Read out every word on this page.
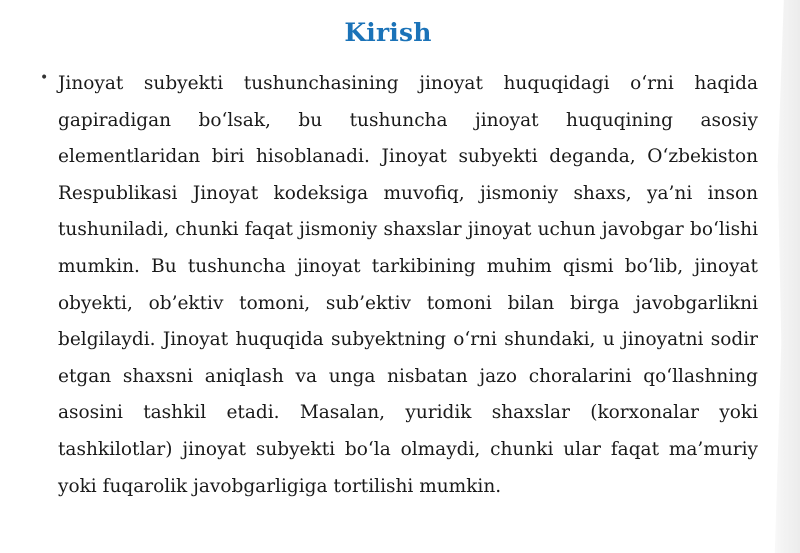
Kirish
• Jinoyat subyekti tushunchasining jinoyat huquqidagi o‘rni haqida gapiradigan bo‘lsak, bu tushuncha jinoyat huquqining asosiy elementlaridan biri hisoblanadi. Jinoyat subyekti deganda, O‘zbekiston Respublikasi Jinoyat kodeksiga muvofiq, jismoniy shaxs, ya’ni inson tushuniladi, chunki faqat jismoniy shaxslar jinoyat uchun javobgar bo‘lishi mumkin. Bu tushuncha jinoyat tarkibining muhim qismi bo‘lib, jinoyat obyekti, ob’ektiv tomoni, sub’ektiv tomoni bilan birga javobgarlikni belgilaydi. Jinoyat huquqida subyektning o‘rni shundaki, u jinoyatni sodir etgan shaxsni aniqlash va unga nisbatan jazo choralarini qo‘llashning asosini tashkil etadi. Masalan, yuridik shaxslar (korxonalar yoki tashkilotlar) jinoyat subyekti bo‘la olmaydi, chunki ular faqat ma’muriy yoki fuqarolik javobgarligiga tortilishi mumkin.
